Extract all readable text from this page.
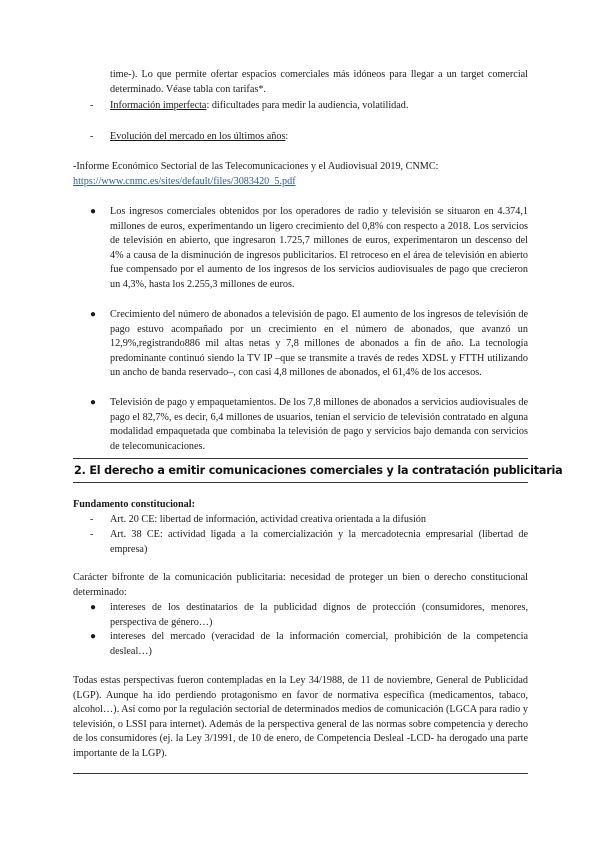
time-). Lo que permite ofertar espacios comerciales más idóneos para llegar a un target comercial determinado. Véase tabla con tarifas*.

- Información imperfecta: dificultades para medir la audiencia, volatilidad.

- Evolución del mercado en los últimos años:

-Informe Económico Sectorial de las Telecomunicaciones y el Audiovisual 2019, CNMC:
https://www.cnmc.es/sites/default/files/3083420_5.pdf

● Los ingresos comerciales obtenidos por los operadores de radio y televisión se situaron en 4.374,1 millones de euros, experimentando un ligero crecimiento del 0,8% con respecto a 2018. Los servicios de televisión en abierto, que ingresaron 1.725,7 millones de euros, experimentaron un descenso del 4% a causa de la disminución de ingresos publicitarios. El retroceso en el área de televisión en abierto fue compensado por el aumento de los ingresos de los servicios audiovisuales de pago que crecieron un 4,3%, hasta los 2.255,3 millones de euros.

● Crecimiento del número de abonados a televisión de pago. El aumento de los ingresos de televisión de pago estuvo acompañado por un crecimiento en el número de abonados, que avanzó un 12,9%,registrando886 mil altas netas y 7,8 millones de abonados a fin de año. La tecnología predominante continuó siendo la TV IP –que se transmite a través de redes XDSL y FTTH utilizando un ancho de banda reservado–, con casi 4,8 millones de abonados, el 61,4% de los accesos.

● Televisión de pago y empaquetamientos. De los 7,8 millones de abonados a servicios audiovisuales de pago el 82,7%, es decir, 6,4 millones de usuarios, tenían el servicio de televisión contratado en alguna modalidad empaquetada que combinaba la televisión de pago y servicios bajo demanda con servicios de telecomunicaciones.

2. El derecho a emitir comunicaciones comerciales y la contratación publicitaria

Fundamento constitucional:

- Art. 20 CE: libertad de información, actividad creativa orientada a la difusión

- Art. 38 CE: actividad ligada a la comercialización y la mercadotecnia empresarial (libertad de empresa)

Carácter bifronte de la comunicación publicitaria: necesidad de proteger un bien o derecho constitucional determinado:

● intereses de los destinatarios de la publicidad dignos de protección (consumidores, menores, perspectiva de género…)

● intereses del mercado (veracidad de la información comercial, prohibición de la competencia desleal…)

Todas estas perspectivas fueron contempladas en la Ley 34/1988, de 11 de noviembre, General de Publicidad (LGP). Aunque ha ido perdiendo protagonismo en favor de normativa específica (medicamentos, tabaco, alcohol…). Así como por la regulación sectorial de determinados medios de comunicación (LGCA para radio y televisión, o LSSI para internet). Además de la perspectiva general de las normas sobre competencia y derecho de los consumidores (ej. la Ley 3/1991, de 10 de enero, de Competencia Desleal -LCD- ha derogado una parte importante de la LGP).
